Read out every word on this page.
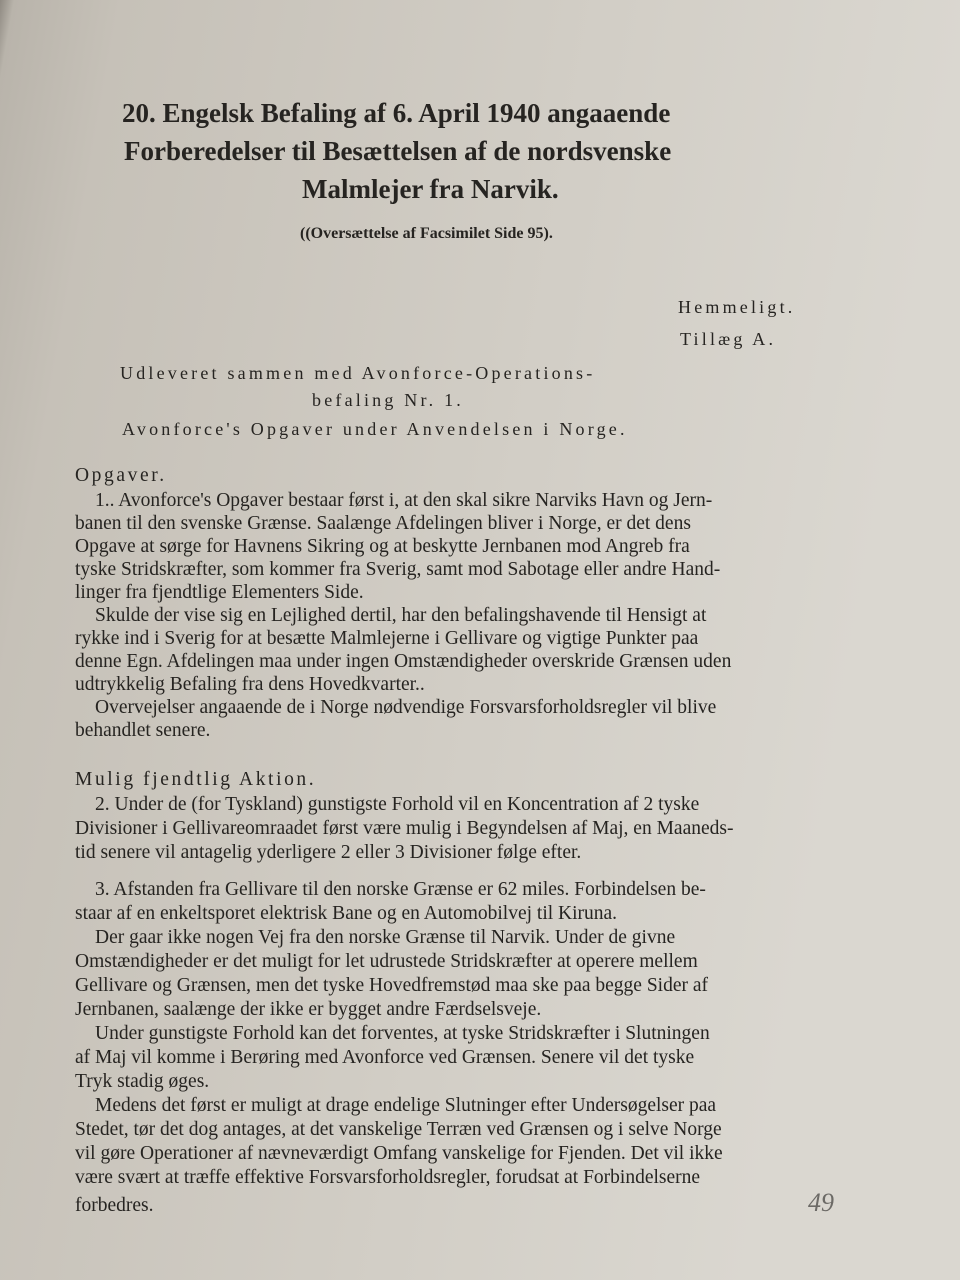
20. Engelsk Befaling af 6. April 1940 angaaende
Forberedelser til Besættelsen af de nordsvenske
Malmlejer fra Narvik.
((Oversættelse af Facsimilet Side 95).
Hemmeligt.
Tillæg A.
Udleveret sammen med Avonforce-Operations-
befaling Nr. 1.
Avonforce's Opgaver under Anvendelsen i Norge.
Opgaver.
1.. Avonforce's Opgaver bestaar først i, at den skal sikre Narviks Havn og Jern-
banen til den svenske Grænse. Saalænge Afdelingen bliver i Norge, er det dens
Opgave at sørge for Havnens Sikring og at beskytte Jernbanen mod Angreb fra
tyske Stridskræfter, som kommer fra Sverig, samt mod Sabotage eller andre Hand-
linger fra fjendtlige Elementers Side.
Skulde der vise sig en Lejlighed dertil, har den befalingshavende til Hensigt at
rykke ind i Sverig for at besætte Malmlejerne i Gellivare og vigtige Punkter paa
denne Egn. Afdelingen maa under ingen Omstændigheder overskride Grænsen uden
udtrykkelig Befaling fra dens Hovedkvarter..
Overvejelser angaaende de i Norge nødvendige Forsvarsforholdsregler vil blive
behandlet senere.
Mulig fjendtlig Aktion.
2. Under de (for Tyskland) gunstigste Forhold vil en Koncentration af 2 tyske
Divisioner i Gellivareomraadet først være mulig i Begyndelsen af Maj, en Maaneds-
tid senere vil antagelig yderligere 2 eller 3 Divisioner følge efter.
3. Afstanden fra Gellivare til den norske Grænse er 62 miles. Forbindelsen be-
staar af en enkeltsporet elektrisk Bane og en Automobilvej til Kiruna.
Der gaar ikke nogen Vej fra den norske Grænse til Narvik. Under de givne
Omstændigheder er det muligt for let udrustede Stridskræfter at operere mellem
Gellivare og Grænsen, men det tyske Hovedfremstød maa ske paa begge Sider af
Jernbanen, saalænge der ikke er bygget andre Færdselsveje.
Under gunstigste Forhold kan det forventes, at tyske Stridskræfter i Slutningen
af Maj vil komme i Berøring med Avonforce ved Grænsen. Senere vil det tyske
Tryk stadig øges.
Medens det først er muligt at drage endelige Slutninger efter Undersøgelser paa
Stedet, tør det dog antages, at det vanskelige Terræn ved Grænsen og i selve Norge
vil gøre Operationer af nævneværdigt Omfang vanskelige for Fjenden. Det vil ikke
være svært at træffe effektive Forsvarsforholdsregler, forudsat at Forbindelserne
forbedres.	49
